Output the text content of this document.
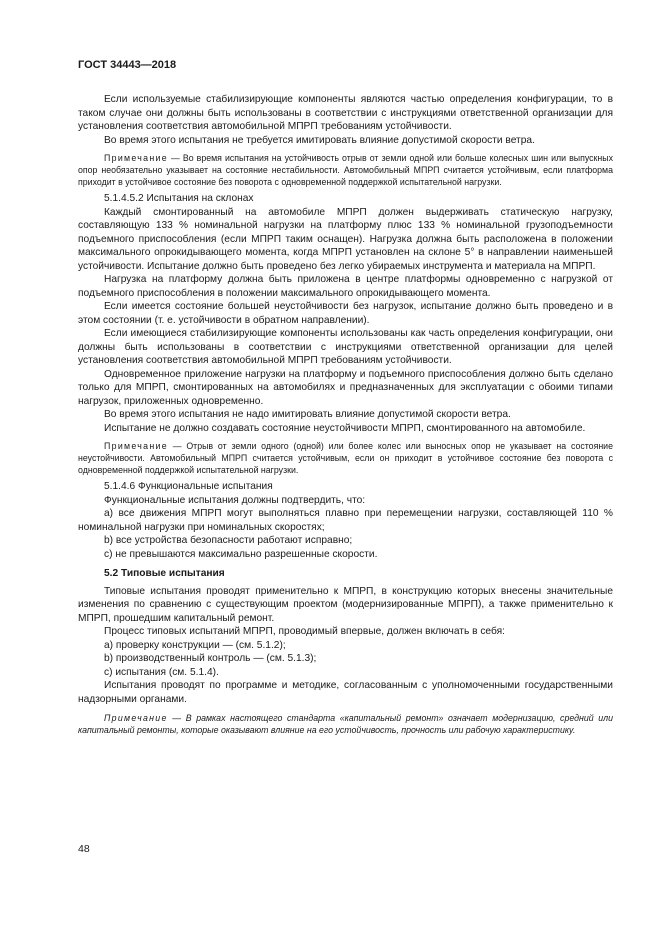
ГОСТ 34443—2018

Если используемые стабилизирующие компоненты являются частью определения конфигурации, то в таком случае они должны быть использованы в соответствии с инструкциями ответственной организации для установления соответствия автомобильной МПРП требованиям устойчивости.

Во время этого испытания не требуется имитировать влияние допустимой скорости ветра.

Примечание — Во время испытания на устойчивость отрыв от земли одной или больше колесных шин или выпускных опор необязательно указывает на состояние нестабильности. Автомобильный МПРП считается устойчивым, если платформа приходит в устойчивое состояние без поворота с одновременной поддержкой испытательной нагрузки.

5.1.4.5.2 Испытания на склонах

Каждый смонтированный на автомобиле МПРП должен выдерживать статическую нагрузку, составляющую 133 % номинальной нагрузки на платформу плюс 133 % номинальной грузоподъемности подъемного приспособления (если МПРП таким оснащен). Нагрузка должна быть расположена в положении максимального опрокидывающего момента, когда МПРП установлен на склоне 5° в направлении наименьшей устойчивости. Испытание должно быть проведено без легко убираемых инструмента и материала на МПРП.

Нагрузка на платформу должна быть приложена в центре платформы одновременно с нагрузкой от подъемного приспособления в положении максимального опрокидывающего момента.

Если имеется состояние большей неустойчивости без нагрузок, испытание должно быть проведено и в этом состоянии (т. е. устойчивости в обратном направлении).

Если имеющиеся стабилизирующие компоненты использованы как часть определения конфигурации, они должны быть использованы в соответствии с инструкциями ответственной организации для целей установления соответствия автомобильной МПРП требованиям устойчивости.

Одновременное приложение нагрузки на платформу и подъемного приспособления должно быть сделано только для МПРП, смонтированных на автомобилях и предназначенных для эксплуатации с обоими типами нагрузок, приложенных одновременно.

Во время этого испытания не надо имитировать влияние допустимой скорости ветра.

Испытание не должно создавать состояние неустойчивости МПРП, смонтированного на автомобиле.

Примечание — Отрыв от земли одного (одной) или более колес или выносных опор не указывает на состояние неустойчивости. Автомобильный МПРП считается устойчивым, если он приходит в устойчивое состояние без поворота с одновременной поддержкой испытательной нагрузки.

5.1.4.6 Функциональные испытания

Функциональные испытания должны подтвердить, что:

а) все движения МПРП могут выполняться плавно при перемещении нагрузки, составляющей 110 % номинальной нагрузки при номинальных скоростях;

b) все устройства безопасности работают исправно;

с) не превышаются максимально разрешенные скорости.

5.2 Типовые испытания

Типовые испытания проводят применительно к МПРП, в конструкцию которых внесены значительные изменения по сравнению с существующим проектом (модернизированные МПРП), а также применительно к МПРП, прошедшим капитальный ремонт.

Процесс типовых испытаний МПРП, проводимый впервые, должен включать в себя:

а) проверку конструкции — (см. 5.1.2);

b) производственный контроль — (см. 5.1.3);

с) испытания (см. 5.1.4).

Испытания проводят по программе и методике, согласованным с уполномоченными государственными надзорными органами.

Примечание — В рамках настоящего стандарта «капитальный ремонт» означает модернизацию, средний или капитальный ремонты, которые оказывают влияние на его устойчивость, прочность или рабочую характеристику.

48
